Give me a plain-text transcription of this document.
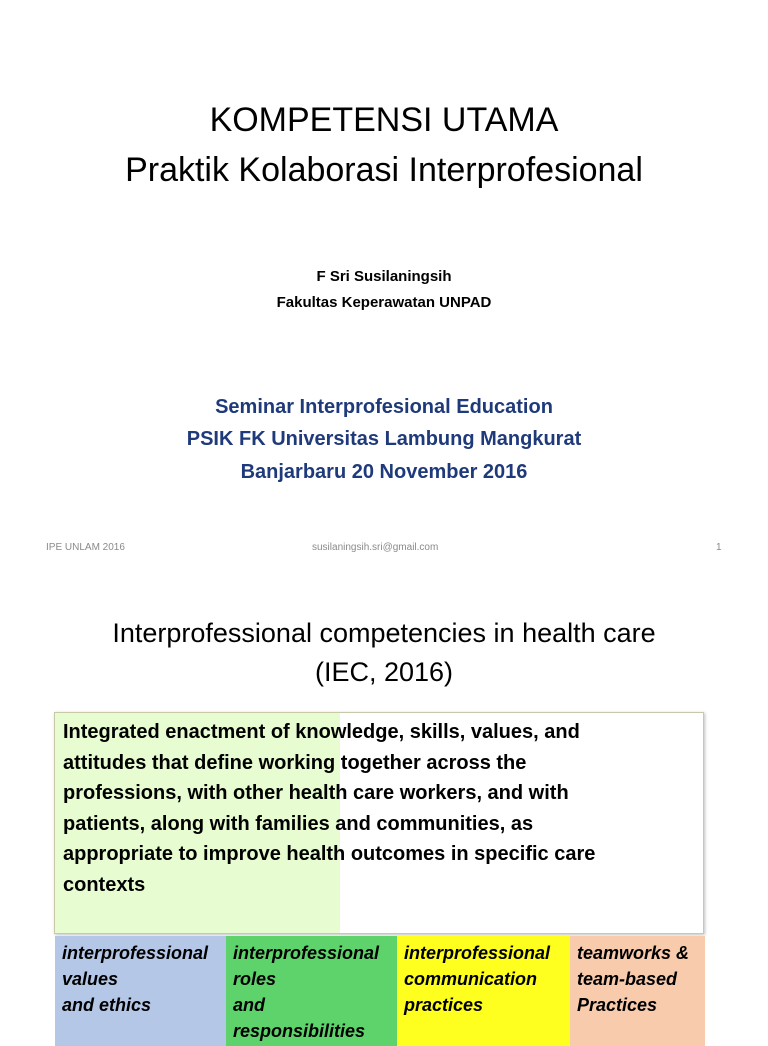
KOMPETENSI UTAMA
Praktik Kolaborasi Interprofesional
F Sri Susilaningsih
Fakultas Keperawatan UNPAD
Seminar Interprofesional Education
PSIK FK Universitas Lambung Mangkurat
Banjarbaru 20 November 2016
IPE UNLAM 2016	susilaningsih.sri@gmail.com	1
Interprofessional competencies in health care
(IEC, 2016)
Integrated enactment of knowledge, skills, values, and
attitudes that define working together across the
professions, with other health care workers, and with
patients, along with families and communities, as
appropriate to improve health outcomes in specific care
contexts
interprofessional
values
and ethics
interprofessional
roles
and
responsibilities
interprofessional
communication
practices
teamworks &
team-based
Practices
